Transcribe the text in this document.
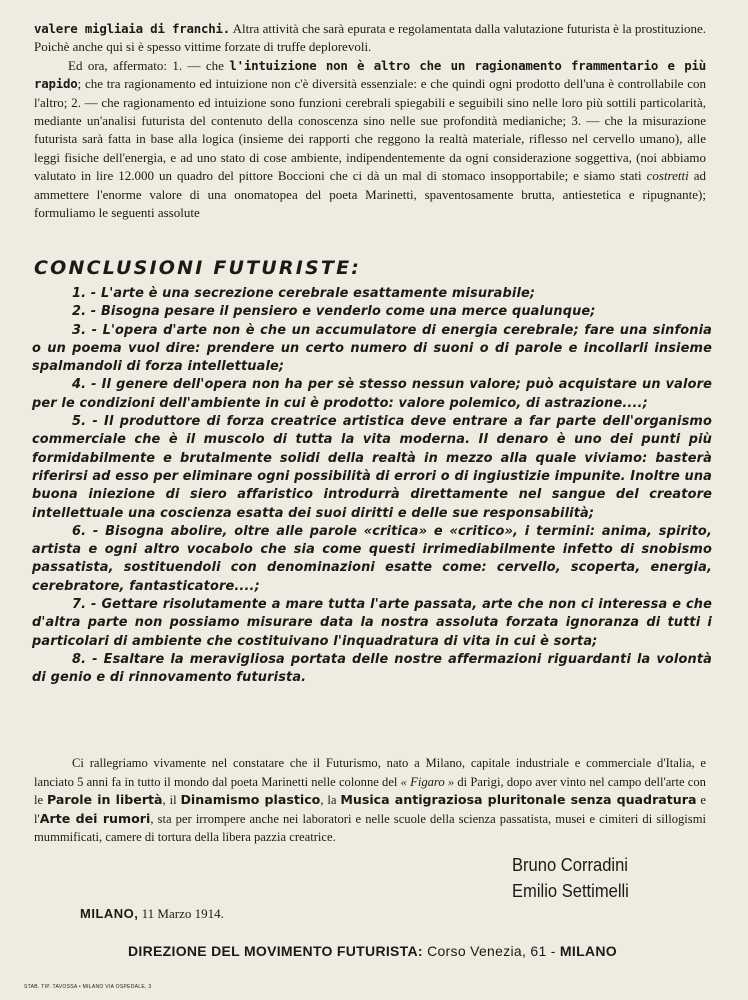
valere migliaia di franchi. Altra attività che sarà epurata e regolamentata dalla valutazione futurista è la prostituzione. Poichè anche qui si è spesso vittime forzate di truffe deplorevoli.

Ed ora, affermato: 1. — che l'intuizione non è altro che un ragionamento frammentario e più rapido; che tra ragionamento ed intuizione non c'è diversità essenziale: e che quindi ogni prodotto dell'una è controllabile con l'altro; 2. — che ragionamento ed intuizione sono funzioni cerebrali spiegabili e seguibili sino nelle loro più sottili particolarità, mediante un'analisi futurista del contenuto della conoscenza sino nelle sue profondità medianiche; 3. — che la misurazione futurista sarà fatta in base alla logica (insieme dei rapporti che reggono la realtà materiale, riflesso nel cervello umano), alle leggi fisiche dell'energia, e ad uno stato di cose ambiente, indipendentemente da ogni considerazione soggettiva, (noi abbiamo valutato in lire 12.000 un quadro del pittore Boccioni che ci dà un mal di stomaco insopportabile; e siamo stati costretti ad ammettere l'enorme valore di una onomatopea del poeta Marinetti, spaventosamente brutta, antiestetica e ripugnante); formuliamo le seguenti assolute

CONCLUSIONI FUTURISTE:

1. - L'arte è una secrezione cerebrale esattamente misurabile;

2. - Bisogna pesare il pensiero e venderlo come una merce qualunque;

3. - L'opera d'arte non è che un accumulatore di energia cerebrale; fare una sinfonia o un poema vuol dire: prendere un certo numero di suoni o di parole e incollarli insieme spalmandoli di forza intellettuale;

4. - Il genere dell'opera non ha per sè stesso nessun valore; può acquistare un valore per le condizioni dell'ambiente in cui è prodotto: valore polemico, di astrazione....;

5. - Il produttore di forza creatrice artistica deve entrare a far parte dell'organismo commerciale che è il muscolo di tutta la vita moderna. Il denaro è uno dei punti più formidabilmente e brutalmente solidi della realtà in mezzo alla quale viviamo: basterà riferirsi ad esso per eliminare ogni possibilità di errori o di ingiustizie impunite. Inoltre una buona iniezione di siero affaristico introdurrà direttamente nel sangue del creatore intellettuale una coscienza esatta dei suoi diritti e delle sue responsabilità;

6. - Bisogna abolire, oltre alle parole «critica» e «critico», i termini: anima, spirito, artista e ogni altro vocabolo che sia come questi irrimediabilmente infetto di snobismo passatista, sostituendoli con denominazioni esatte come: cervello, scoperta, energia, cerebratore, fantasticatore....;

7. - Gettare risolutamente a mare tutta l'arte passata, arte che non ci interessa e che d'altra parte non possiamo misurare data la nostra assoluta forzata ignoranza di tutti i particolari di ambiente che costituivano l'inquadratura di vita in cui è sorta;

8. - Esaltare la meravigliosa portata delle nostre affermazioni riguardanti la volontà di genio e di rinnovamento futurista.

Ci rallegriamo vivamente nel constatare che il Futurismo, nato a Milano, capitale industriale e commerciale d'Italia, e lanciato 5 anni fa in tutto il mondo dal poeta Marinetti nelle colonne del « Figaro » di Parigi, dopo aver vinto nel campo dell'arte con le Parole in libertà, il Dinamismo plastico, la Musica antigraziosa pluritonale senza quadratura e l'Arte dei rumori, sta per irrompere anche nei laboratori e nelle scuole della scienza passatista, musei e cimiteri di sillogismi mummificati, camere di tortura della libera pazzia creatrice.

Bruno Corradini
Emilio Settimelli
MILANO, 11 Marzo 1914.
DIREZIONE DEL MOVIMENTO FUTURISTA: Corso Venezia, 61 - MILANO
STAB. TIP. TAVOSSA • MILANO VIA OSPEDALE, 3
